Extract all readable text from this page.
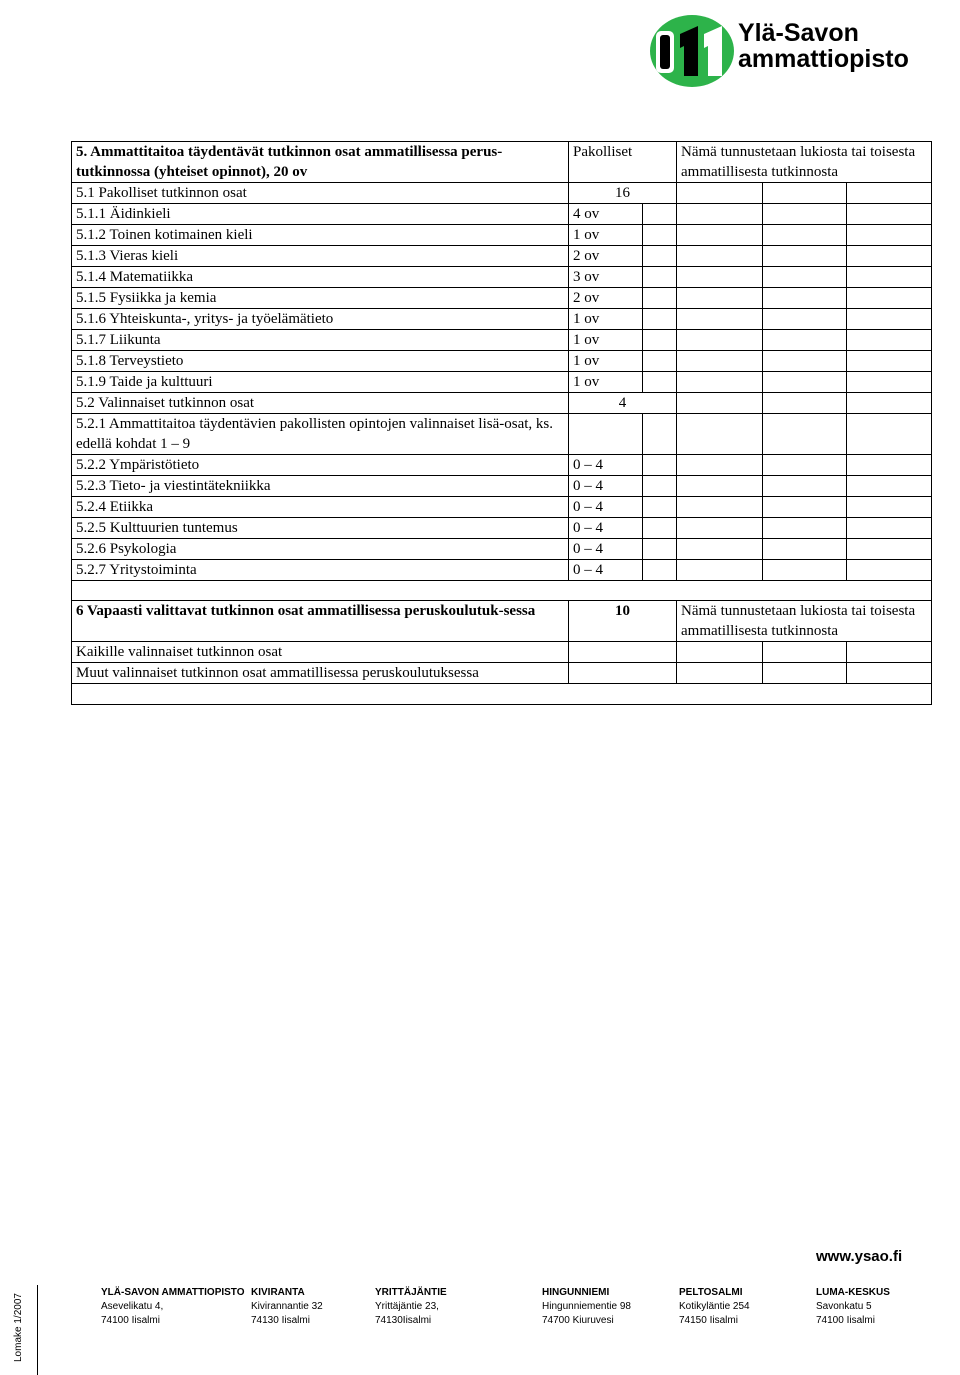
Ylä-Savon
ammattiopisto
5. Ammattitaitoa täydentävät tutkinnon osat ammatillisessa perus-tutkinnossa (yhteiset opinnot), 20 ov	Pakolliset		Nämä tunnustetaan lukiosta tai toisesta ammatillisesta tutkinnosta		
5.1 Pakolliset tutkinnon osat	16				
5.1.1 Äidinkieli	4 ov				
5.1.2 Toinen kotimainen kieli	1 ov				
5.1.3 Vieras kieli	2 ov				
5.1.4 Matematiikka	3 ov				
5.1.5 Fysiikka ja kemia	2 ov				
5.1.6 Yhteiskunta-, yritys- ja työelämätieto	1 ov				
5.1.7 Liikunta	1 ov				
5.1.8 Terveystieto	1 ov				
5.1.9 Taide ja kulttuuri	1 ov				
5.2 Valinnaiset tutkinnon osat	4				
5.2.1 Ammattitaitoa täydentävien pakollisten opintojen valinnaiset lisä-osat, ks. edellä kohdat 1 – 9					
5.2.2 Ympäristötieto	0 – 4				
5.2.3 Tieto- ja viestintätekniikka	0 – 4				
5.2.4 Etiikka	0 – 4				
5.2.5 Kulttuurien tuntemus	0 – 4				
5.2.6 Psykologia	0 – 4				
5.2.7 Yritystoiminta	0 – 4				

6 Vapaasti valittavat tutkinnon osat ammatillisessa peruskoulutuk-sessa	10		Nämä tunnustetaan lukiosta tai toisesta ammatillisesta tutkinnosta		
Kaikille valinnaiset tutkinnon osat					
Muut valinnaiset tutkinnon osat ammatillisessa peruskoulutuksessa					

www.ysao.fi
Lomake 1/2007
YLÄ-SAVON AMMATTIOPISTO
Asevelikatu 4,
74100 Iisalmi
KIVIRANTA
Kivirannantie 32
74130 Iisalmi
YRITTÄJÄNTIE
Yrittäjäntie 23,
74130Iisalmi
HINGUNNIEMI
Hingunniementie 98
74700 Kiuruvesi
PELTOSALMI
Kotikyläntie 254
74150 Iisalmi
LUMA-KESKUS
Savonkatu 5
74100 Iisalmi
